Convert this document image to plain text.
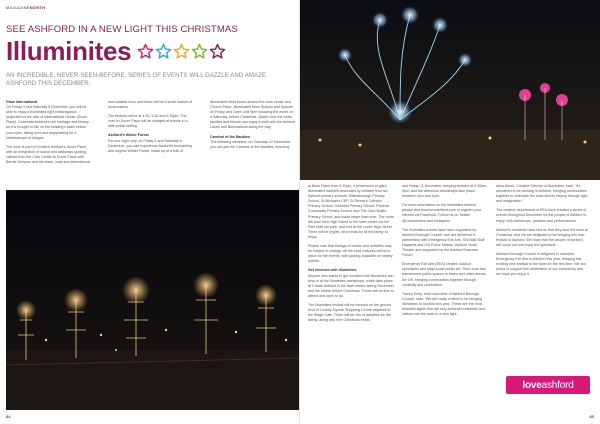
MAGAZINENORTH
SEE ASHFORD IN A NEW LIGHT THIS CHRISTMAS
Illuminites
AN INCREDIBLE, NEVER-SEEN-BEFORE, SERIES OF EVENTS WILL DAZZLE AND AMAZE ASHFORD THIS DECEMBER.

Glow International
On Friday 4 and Saturday 5 December, you will be able to enjoy a Illuminites light extravaganza projected on the side of International House (Dover Place). Celebrate Ashford's rich heritage and history as it is brought to life on the building's walls before your eyes, falling over and reappearing for a kaleidoscope of images.

The work is part of Creative Ashford's Dover Place, with an integration of sound and walkways guiding visitors from the Civic Centre to Dover Place with Bernie Greyson and the team, local and international,

and suitable food, and there will be a small market of local makers.

The festival will be at 4.30, 5.30 and 6.30pm. The cost on Dover Place will be charged at events in a safe public setting.

Ashford's Winter Forest
For one night only, on Friday 4 and Saturday 5 December, you can experience Ashford's enchanting and original Winter Forest, made up of a trail of

illuminated trees found around the town centre and Church Place. Illuminated trees Spaces and Spaces on Friday and Open until 9pm following the event on a Saturday, before Christmas. Watch over the trees, families and friends can enjoy a walk with the Ashford Lanes and illuminations along the way.

Carnival of the Baubles
The following weekend, on Saturday 12 December, you can join the Carnival of the Baubles, featuring

84

at Bank Place from 5.30pm, a procession of giant, illuminated baubles decorated by children from six Ashford primary schools: Willesborough Primary School, St Michael's CEP, St Teresa's Catholic Primary School, Godinton Primary School, Phoenix Community Primary School, and The John Wallis Primary School, and made larger than ever. The route will lead from High Street to the town centre via the Park Mall car park, and end at the Lower High Street. There will be jingles, and treats for all the family to enjoy.

Please note that timings of events and activities may be subject to change. All the road closures will be in place for the events, with parking available on nearby streets.

Get involved with Illuminites
Anyone who wants to get involved with Illuminites can drop in at the Illuminites workshops, which take place at Create Ashford in the town centre during December and the weeks before Christmas. These will be free to attend and open to all.

The Illuminites festival will be focused on the ground floor of County Square Shopping Centre adjacent to the Stage Cafe. There will be lots of activities for the family, along with free Christmas treats.

and Friday 11 December, keeping workers at 9.30am-5pm, and the afternoon workshops take place between 1pm and 4pm.

For more information on the Illuminites festival, please visit www.loveashford.com or register your interest via Facebook. Follow us on Twitter @LoveAshford and Instagram.

The Illuminites events have been organised by Ashford Borough Council, and are delivered in partnership with Emergency Exit Arts, SW Mall Stuff Happens and Old Police Station, Ashford Youth Theatre and supported by the Ashford Business Forum.

Emergency Exit Arts (EEA) creates outdoor spectacles and large-scale public art. Their work has transformed public spaces in towns and cities across the UK, bringing communities together through creativity and celebration.

Tracey Kerly, chief executive of Ashford Borough Council, said: "We are really excited to be bringing Illuminites to Ashford this year. These are the most beautiful sights that will help Ashford's residents and visitors see the town in a new light.

Ailsa Wood, Creative Director of Illuminites, said: "It's wonderful to be working in Ashford, bringing communities together to celebrate the town and its history through light and imagination."

The creative department of EEA have created a series of events throughout December for the people of Ashford to enjoy, with workshops, parades and performances.

Ashford's residents have told us that they love the town at Christmas, and we are delighted to be bringing this new festival to Ashford. We hope that the people of Ashford will come out and enjoy the spectacle.

Ashford Borough Council is delighted to welcome Emergency Exit Arts to Ashford this year, bringing this exciting new festival to the town for the first time. We are proud to support this celebration of our community and we hope you enjoy it.

loveashford
85
